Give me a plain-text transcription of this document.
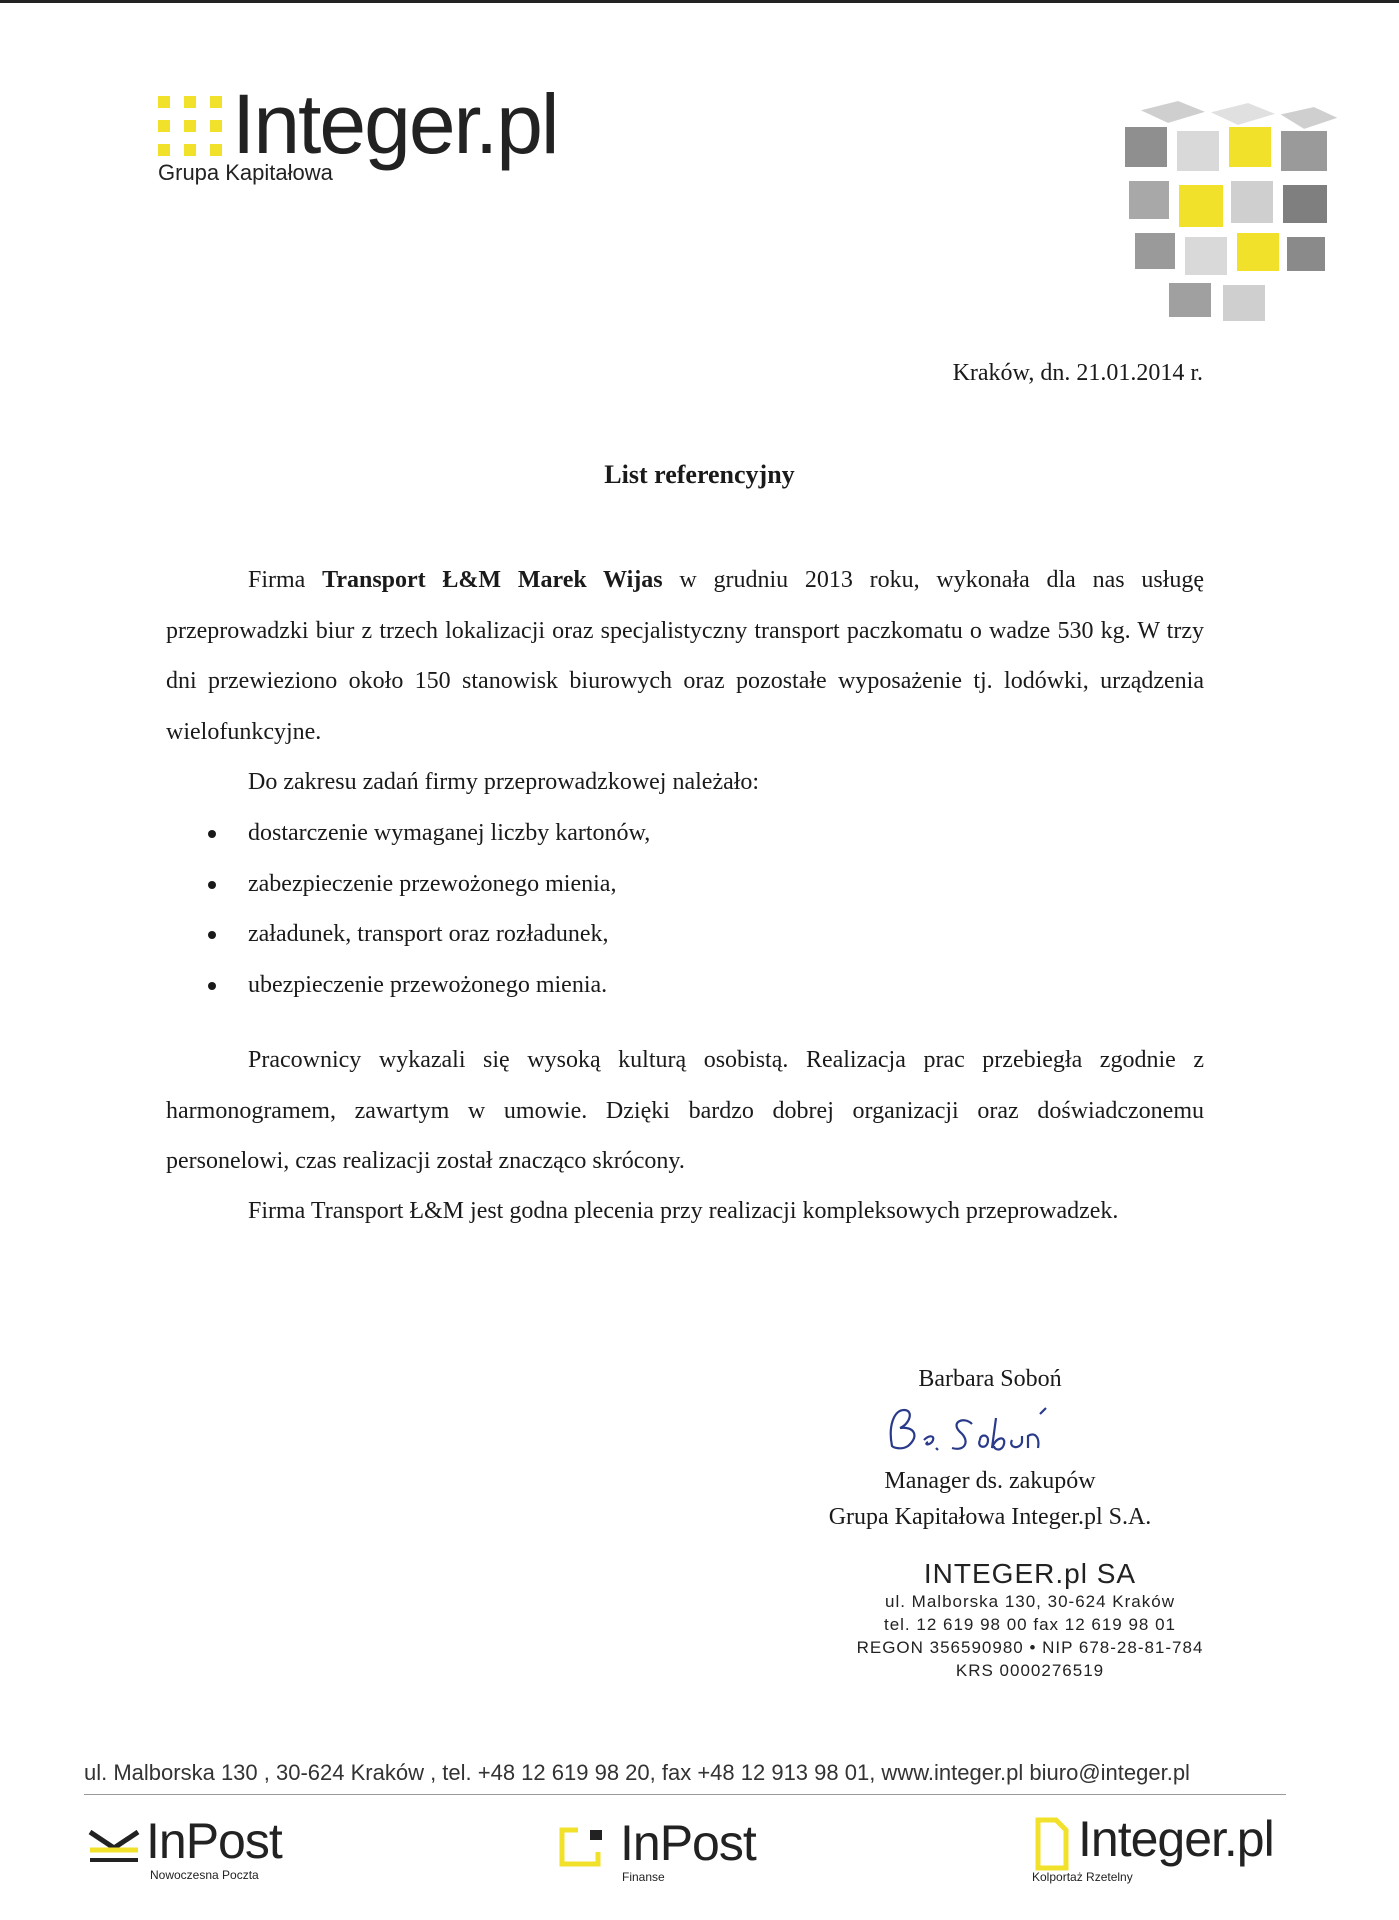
Integer.pl
Grupa Kapitałowa
Kraków, dn. 21.01.2014 r.
List referencyjny
Firma Transport Ł&M Marek Wijas w grudniu 2013 roku, wykonała dla nas usługę przeprowadzki biur z trzech lokalizacji oraz specjalistyczny transport paczkomatu o wadze 530 kg. W trzy dni przewieziono około 150 stanowisk biurowych oraz pozostałe wyposażenie tj. lodówki, urządzenia wielofunkcyjne.
Do zakresu zadań firmy przeprowadzkowej należało:
dostarczenie wymaganej liczby kartonów,
zabezpieczenie przewożonego mienia,
załadunek, transport oraz rozładunek,
ubezpieczenie przewożonego mienia.
Pracownicy wykazali się wysoką kulturą osobistą. Realizacja prac przebiegła zgodnie z harmonogramem, zawartym w umowie. Dzięki bardzo dobrej organizacji oraz doświadczonemu personelowi, czas realizacji został znacząco skrócony.
Firma Transport Ł&M jest godna plecenia przy realizacji kompleksowych przeprowadzek.
Barbara Soboń
Manager ds. zakupów
Grupa Kapitałowa Integer.pl S.A.
INTEGER.pl SA
ul. Malborska 130, 30-624 Kraków
tel. 12 619 98 00 fax 12 619 98 01
REGON 356590980 • NIP 678-28-81-784
KRS 0000276519
ul. Malborska 130 , 30-624 Kraków , tel. +48 12 619 98 20, fax +48 12 913 98 01, www.integer.pl biuro@integer.pl
InPost
Nowoczesna Poczta
InPost
Finanse
Integer.pl
Kolportaż Rzetelny
